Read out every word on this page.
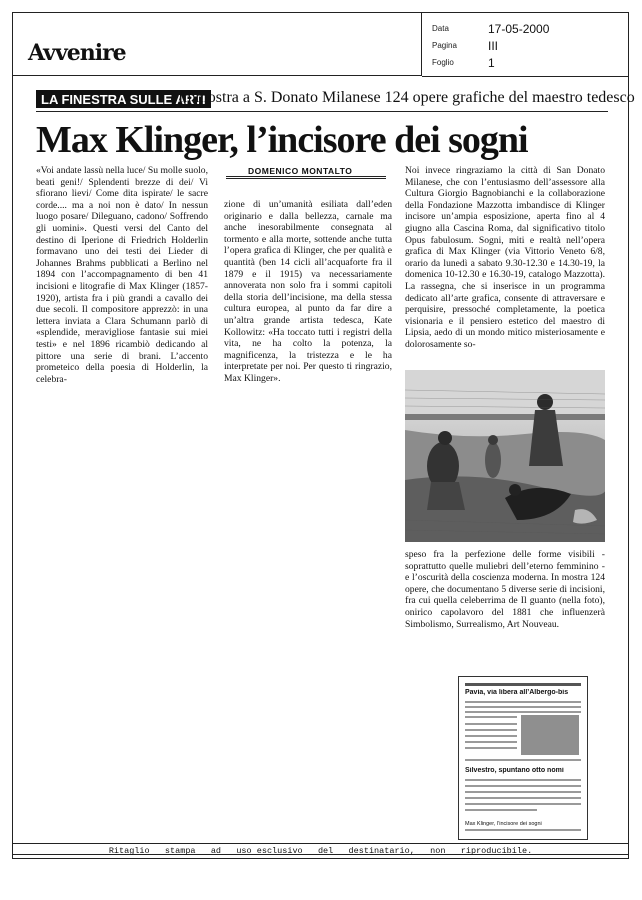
Avvenire
Data	17-05-2000
Pagina	III
Foglio	1
LA FINESTRA SULLE ARTI
In mostra a S. Donato Milanese 124 opere grafiche del maestro tedesco
Max Klinger, l’incisore dei sogni
DOMENICO MONTALTO

«Voi andate lassù nella luce/ Su molle suolo, beati geni!/ Splendenti brezze di dei/ Vi sfiorano lievi/ Come dita ispirate/ le sacre corde.... ma a noi non è dato/ In nessun luogo posare/ Dileguano, cadono/ Soffrendo gli uomini». Questi versi del Canto del destino di Iperione di Friedrich Holderlin formavano uno dei testi dei Lieder di Johannes Brahms pubblicati a Berlino nel 1894 con l’accompagnamento di ben 41 incisioni e litografie di Max Klinger (1857-1920), artista fra i più grandi a cavallo dei due secoli. Il compositore apprezzò: in una lettera inviata a Clara Schumann parlò di «splendide, meravigliose fantasie sui miei testi» e nel 1896 ricambiò dedicando al pittore una serie di brani. L’accento prometeico della poesia di Holderlin, la celebra-

zione di un’umanità esiliata dall’eden originario e dalla bellezza, carnale ma anche inesorabilmente consegnata al tormento e alla morte, sottende anche tutta l’opera grafica di Klinger, che per qualità e quantità (ben 14 cicli all’acquaforte fra il 1879 e il 1915) va necessariamente annoverata non solo fra i sommi capitoli della storia dell’incisione, ma della stessa cultura europea, al punto da far dire a un’altra grande artista tedesca, Kate Kollowitz: «Ha toccato tutti i registri della vita, ne ha colto la potenza, la magnificenza, la tristezza e le ha interpretate per noi. Per questo ti ringrazio, Max Klinger».

Noi invece ringraziamo la città di San Donato Milanese, che con l’entusiasmo dell’assessore alla Cultura Giorgio Bagnobianchi e la collaborazione della Fondazione Mazzotta imbandisce di Klinger incisore un’ampia esposizione, aperta fino al 4 giugno alla Cascina Roma, dal significativo titolo Opus fabulosum. Sogni, miti e realtà nell’opera grafica di Max Klinger (via Vittorio Veneto 6/8, orario da lunedì a sabato 9.30-12.30 e 14.30-19, la domenica 10-12.30 e 16.30-19, catalogo Mazzotta). La rassegna, che si inserisce in un programma dedicato all’arte grafica, consente di attraversare e perquisire, pressoché completamente, la poetica visionaria e il pensiero estetico del maestro di Lipsia, aedo di un mondo mitico misteriosamente e dolorosamente so-

speso fra la perfezione delle forme visibili - soprattutto quelle muliebri dell’eterno femminino - e l’oscurità della coscienza moderna. In mostra 124 opere, che documentano 5 diverse serie di incisioni, fra cui quella celeberrima de Il guanto (nella foto), onirico capolavoro del 1881 che influenzerà Simbolismo, Surrealismo, Art Nouveau.

Pavia, via libera all’Albergo-bis
Silvestro, spuntano otto nomi
Max Klinger, l’incisore dei sogni
Ritaglio   stampa   ad   uso esclusivo   del   destinatario,   non   riproducibile.
